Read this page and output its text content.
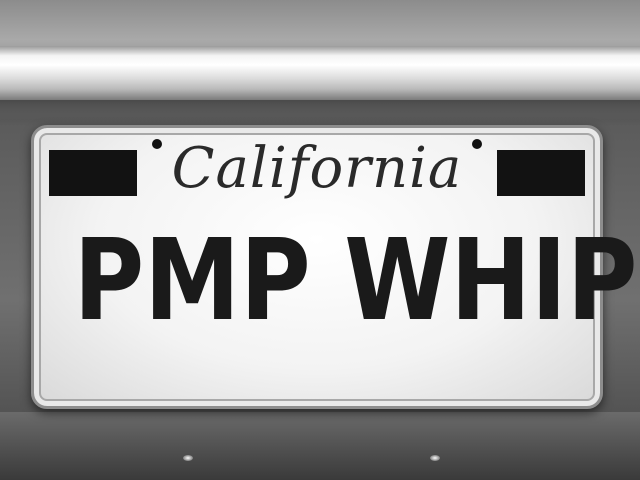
California
PMP WHIP
